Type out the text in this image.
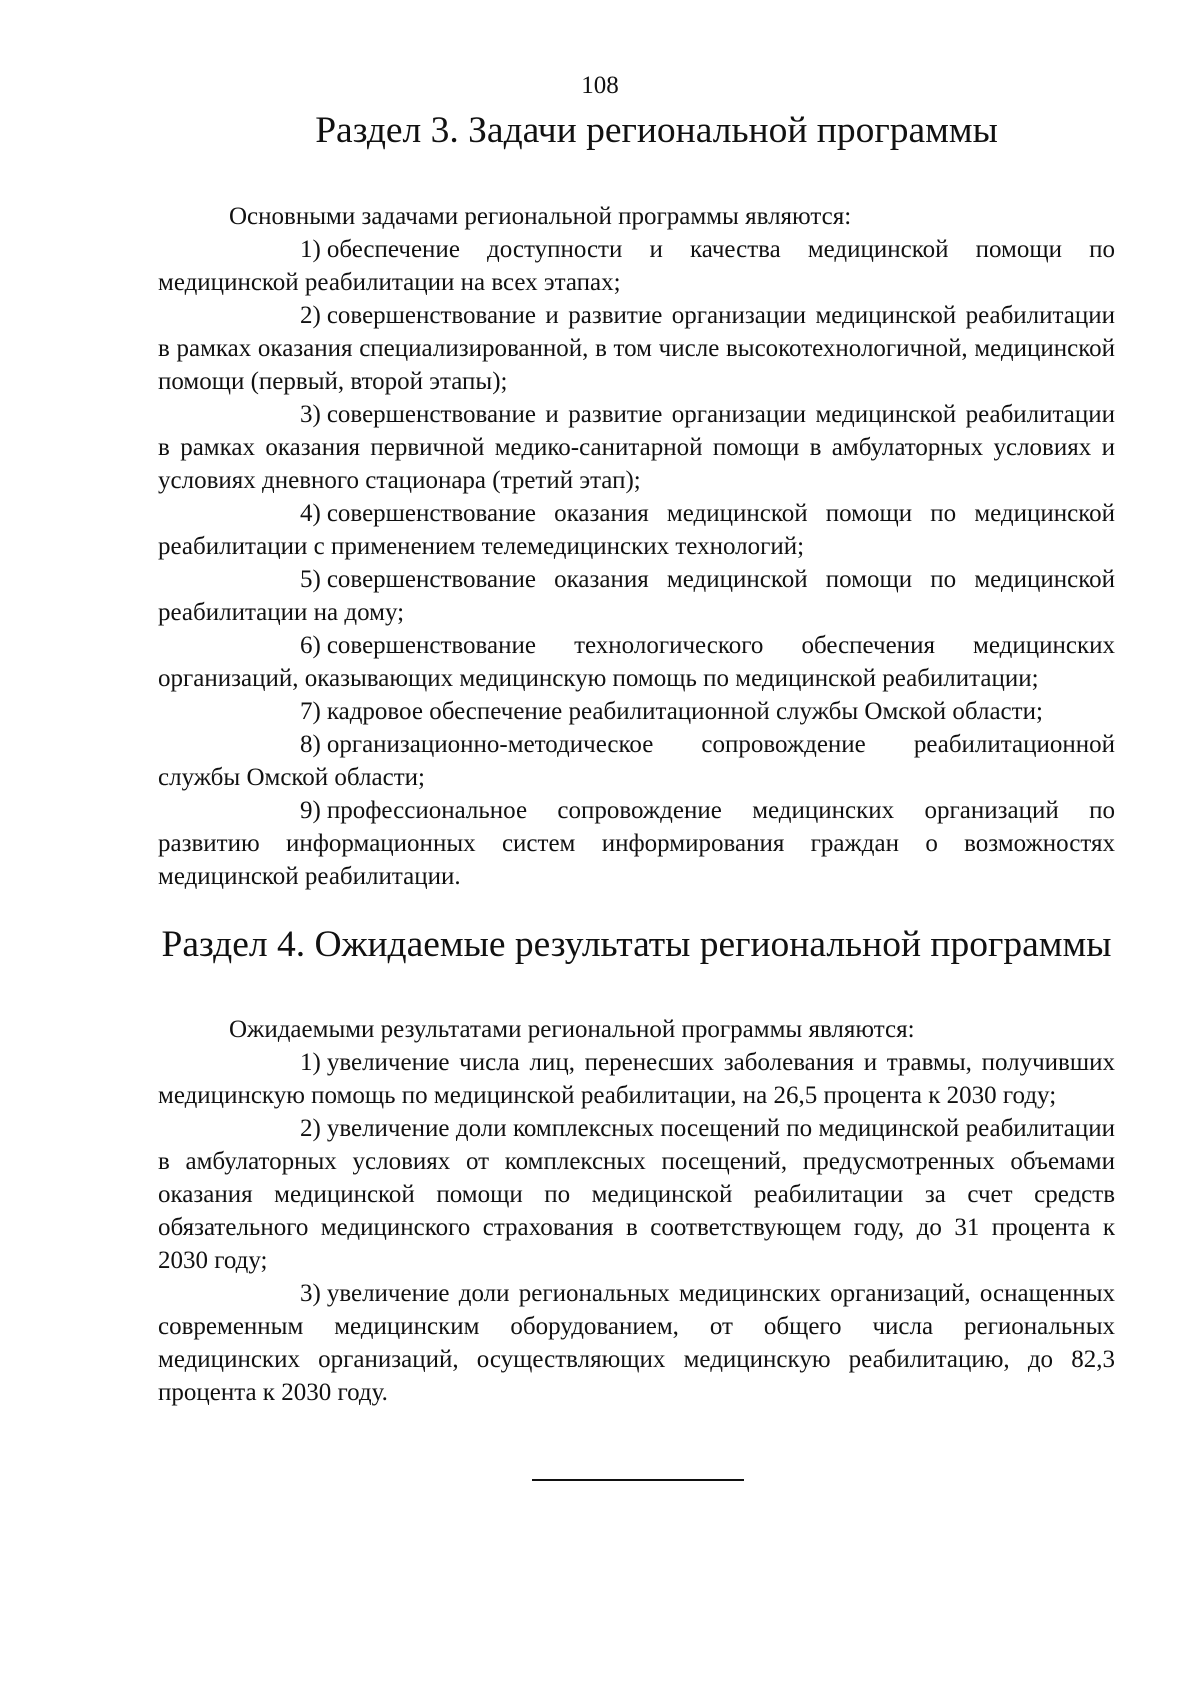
108
Раздел 3. Задачи региональной программы

Основными задачами региональной программы являются:

1) обеспечение доступности и качества медицинской помощи по медицинской реабилитации на всех этапах;

2) совершенствование и развитие организации медицинской реабилитации в рамках оказания специализированной, в том числе высокотехнологичной, медицинской помощи (первый, второй этапы);

3) совершенствование и развитие организации медицинской реабилитации в рамках оказания первичной медико-санитарной помощи в амбулаторных условиях и условиях дневного стационара (третий этап);

4) совершенствование оказания медицинской помощи по медицинской реабилитации с применением телемедицинских технологий;

5) совершенствование оказания медицинской помощи по медицинской реабилитации на дому;

6) совершенствование технологического обеспечения медицинских организаций, оказывающих медицинскую помощь по медицинской реабилитации;

7) кадровое обеспечение реабилитационной службы Омской области;

8) организационно-методическое сопровождение реабилитационной службы Омской области;

9) профессиональное сопровождение медицинских организаций по развитию информационных систем информирования граждан о возможностях медицинской реабилитации.

Раздел 4. Ожидаемые результаты региональной программы

Ожидаемыми результатами региональной программы являются:

1) увеличение числа лиц, перенесших заболевания и травмы, получивших медицинскую помощь по медицинской реабилитации, на 26,5 процента к 2030 году;

2) увеличение доли комплексных посещений по медицинской реабилитации в амбулаторных условиях от комплексных посещений, предусмотренных объемами оказания медицинской помощи по медицинской реабилитации за счет средств обязательного медицинского страхования в соответствующем году, до 31 процента к 2030 году;

3) увеличение доли региональных медицинских организаций, оснащенных современным медицинским оборудованием, от общего числа региональных медицинских организаций, осуществляющих медицинскую реабилитацию, до 82,3 процента к 2030 году.
